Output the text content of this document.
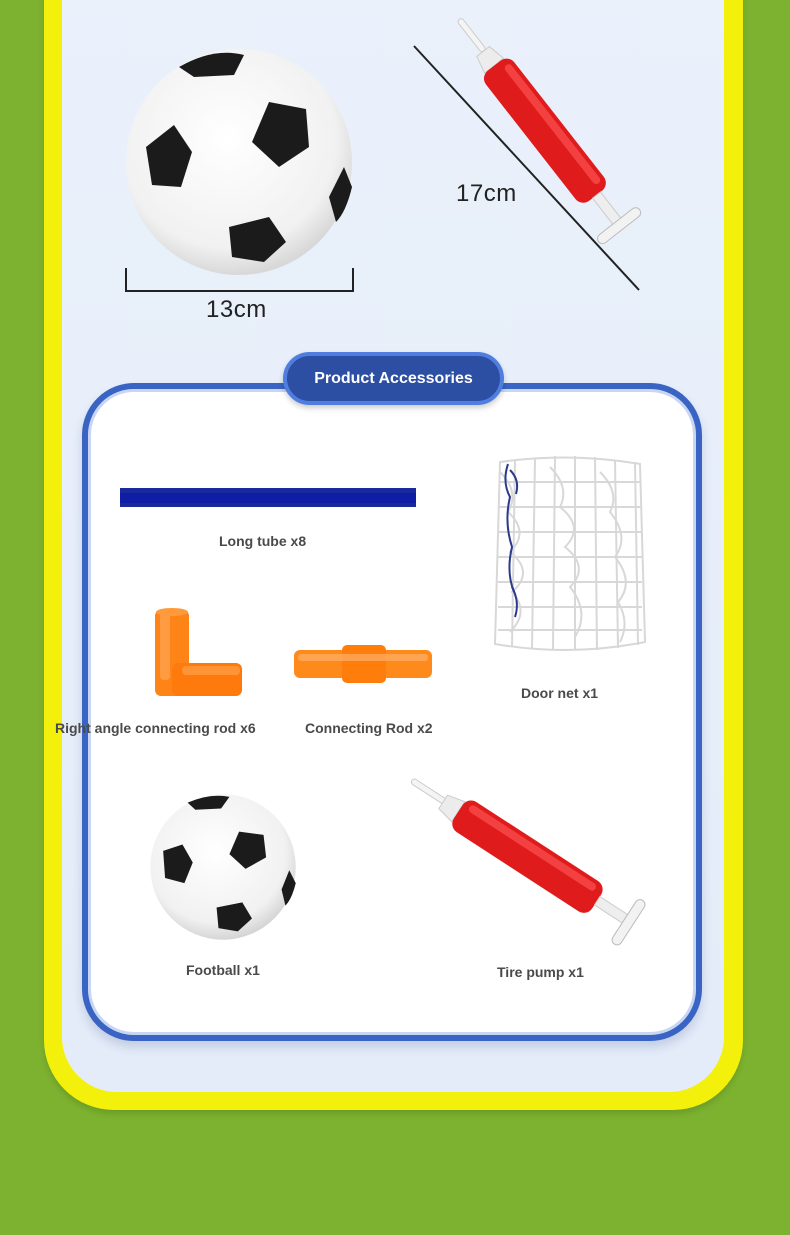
13cm
17cm
Product Accessories
Long tube x8
Door net x1
Right angle connecting rod x6	Connecting Rod x2
Football x1	Tire pump x1
